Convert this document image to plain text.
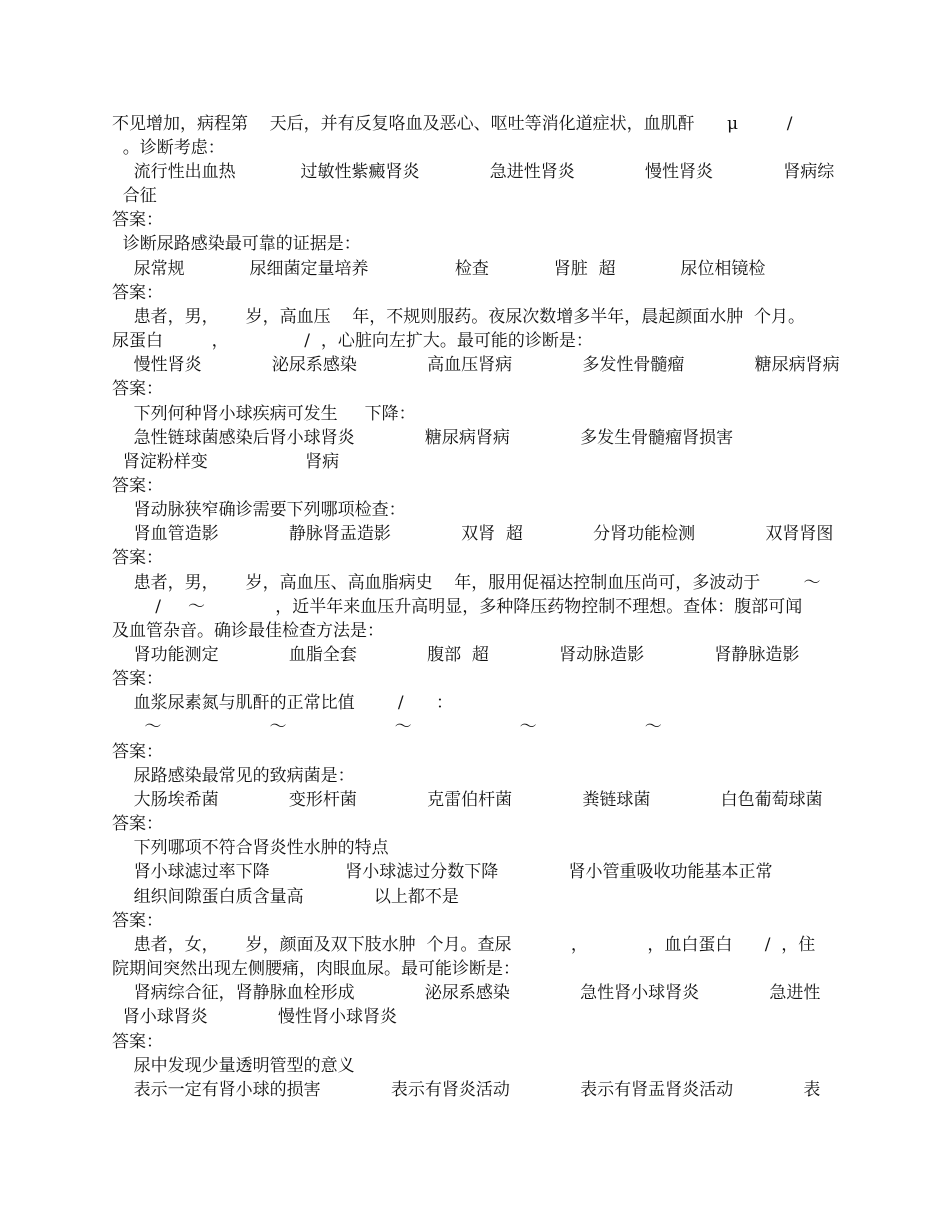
不见增加，病程第    天后，并有反复咯血及恶心、呕吐等消化道症状，血肌酐      μ         /
。诊断考虑：
流行性出血热            过敏性紫癜肾炎             急进性肾炎             慢性肾炎             肾病综
合征
答案：
诊断尿路感染最可靠的证据是：
尿常规            尿细菌定量培养                检查            肾脏  超            尿位相镜检
答案：
患者，男，     岁，高血压    年，不规则服药。夜尿次数增多半年，晨起颜面水肿  个月。
尿蛋白         ，              /  ，心脏向左扩大。最可能的诊断是：
慢性肾炎             泌尿系感染             高血压肾病             多发性骨髓瘤             糖尿病肾病
答案：
下列何种肾小球疾病可发生     下降：
急性链球菌感染后肾小球肾炎             糖尿病肾病             多发生骨髓瘤肾损害
肾淀粉样变                  肾病
答案：
肾动脉狭窄确诊需要下列哪项检查：
肾血管造影             静脉肾盂造影             双肾  超             分肾功能检测             双肾肾图
答案：
患者，男，     岁，高血压、高血脂病史    年，服用促福达控制血压尚可，多波动于        ～
/     ～             ，近半年来血压升高明显，多种降压药物控制不理想。查体：腹部可闻
及血管杂音。确诊最佳检查方法是：
肾功能测定             血脂全套             腹部  超             肾动脉造影             肾静脉造影
答案：
血浆尿素氮与肌酐的正常比值        /      ：
～                    ～                    ～                    ～                    ～
答案：
尿路感染最常见的致病菌是：
大肠埃希菌             变形杆菌             克雷伯杆菌             粪链球菌             白色葡萄球菌
答案：
下列哪项不符合肾炎性水肿的特点
肾小球滤过率下降              肾小球滤过分数下降             肾小管重吸收功能基本正常
组织间隙蛋白质含量高             以上都不是
答案：
患者，女，     岁，颜面及双下肢水肿  个月。查尿           ，           ，血白蛋白      /  ，住
院期间突然出现左侧腰痛，肉眼血尿。最可能诊断是：
肾病综合征，肾静脉血栓形成             泌尿系感染             急性肾小球肾炎             急进性
肾小球肾炎             慢性肾小球肾炎
答案：
尿中发现少量透明管型的意义
表示一定有肾小球的损害             表示有肾炎活动             表示有肾盂肾炎活动             表
